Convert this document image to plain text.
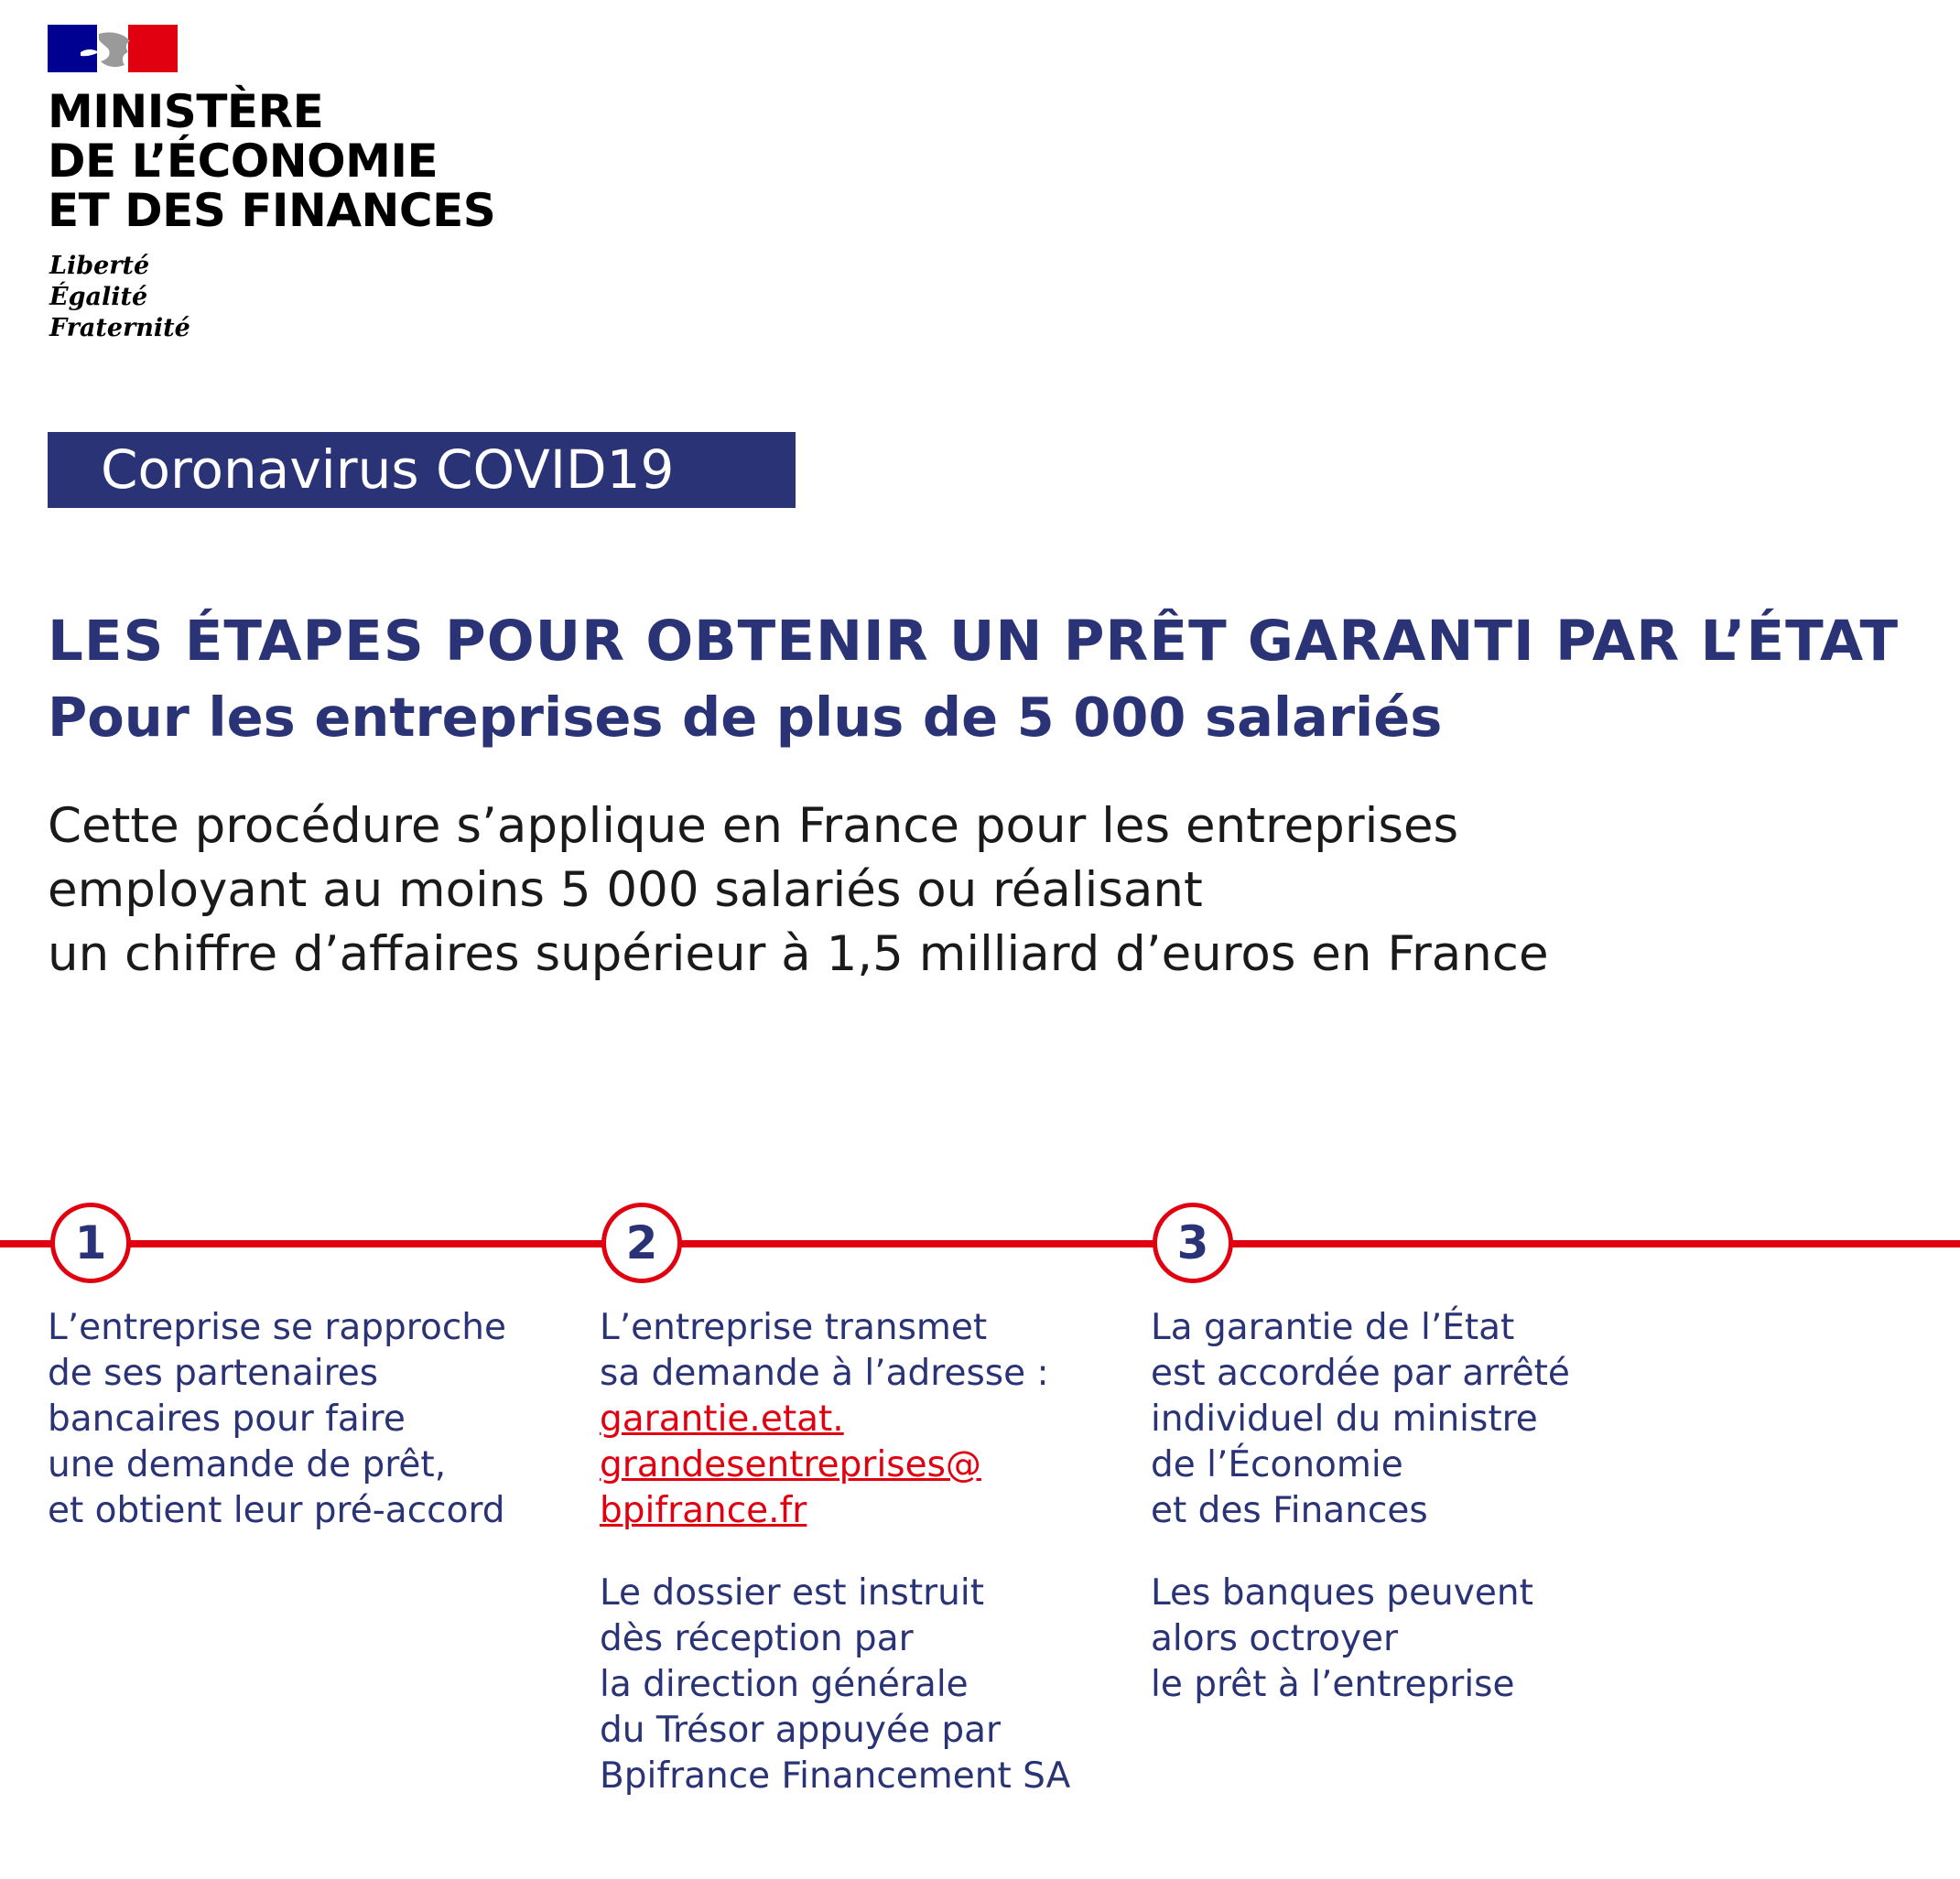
MINISTÈRE
DE L’ÉCONOMIE
ET DES FINANCES
Liberté
Égalité
Fraternité
Coronavirus COVID19
LES ÉTAPES POUR OBTENIR UN PRÊT GARANTI PAR L’ÉTAT
Pour les entreprises de plus de 5 000 salariés
Cette procédure s’applique en France pour les entreprises
employant au moins 5 000 salariés ou réalisant
un chiffre d’affaires supérieur à 1,5 milliard d’euros en France
1	2	3
L’entreprise se rapproche
de ses partenaires
bancaires pour faire
une demande de prêt,
et obtient leur pré-accord
L’entreprise transmet
sa demande à l’adresse :
garantie.etat.
grandesentreprises@
bpifrance.fr
Le dossier est instruit
dès réception par
la direction générale
du Trésor appuyée par
Bpifrance Financement SA
La garantie de l’État
est accordée par arrêté
individuel du ministre
de l’Économie
et des Finances
Les banques peuvent
alors octroyer
le prêt à l’entreprise
